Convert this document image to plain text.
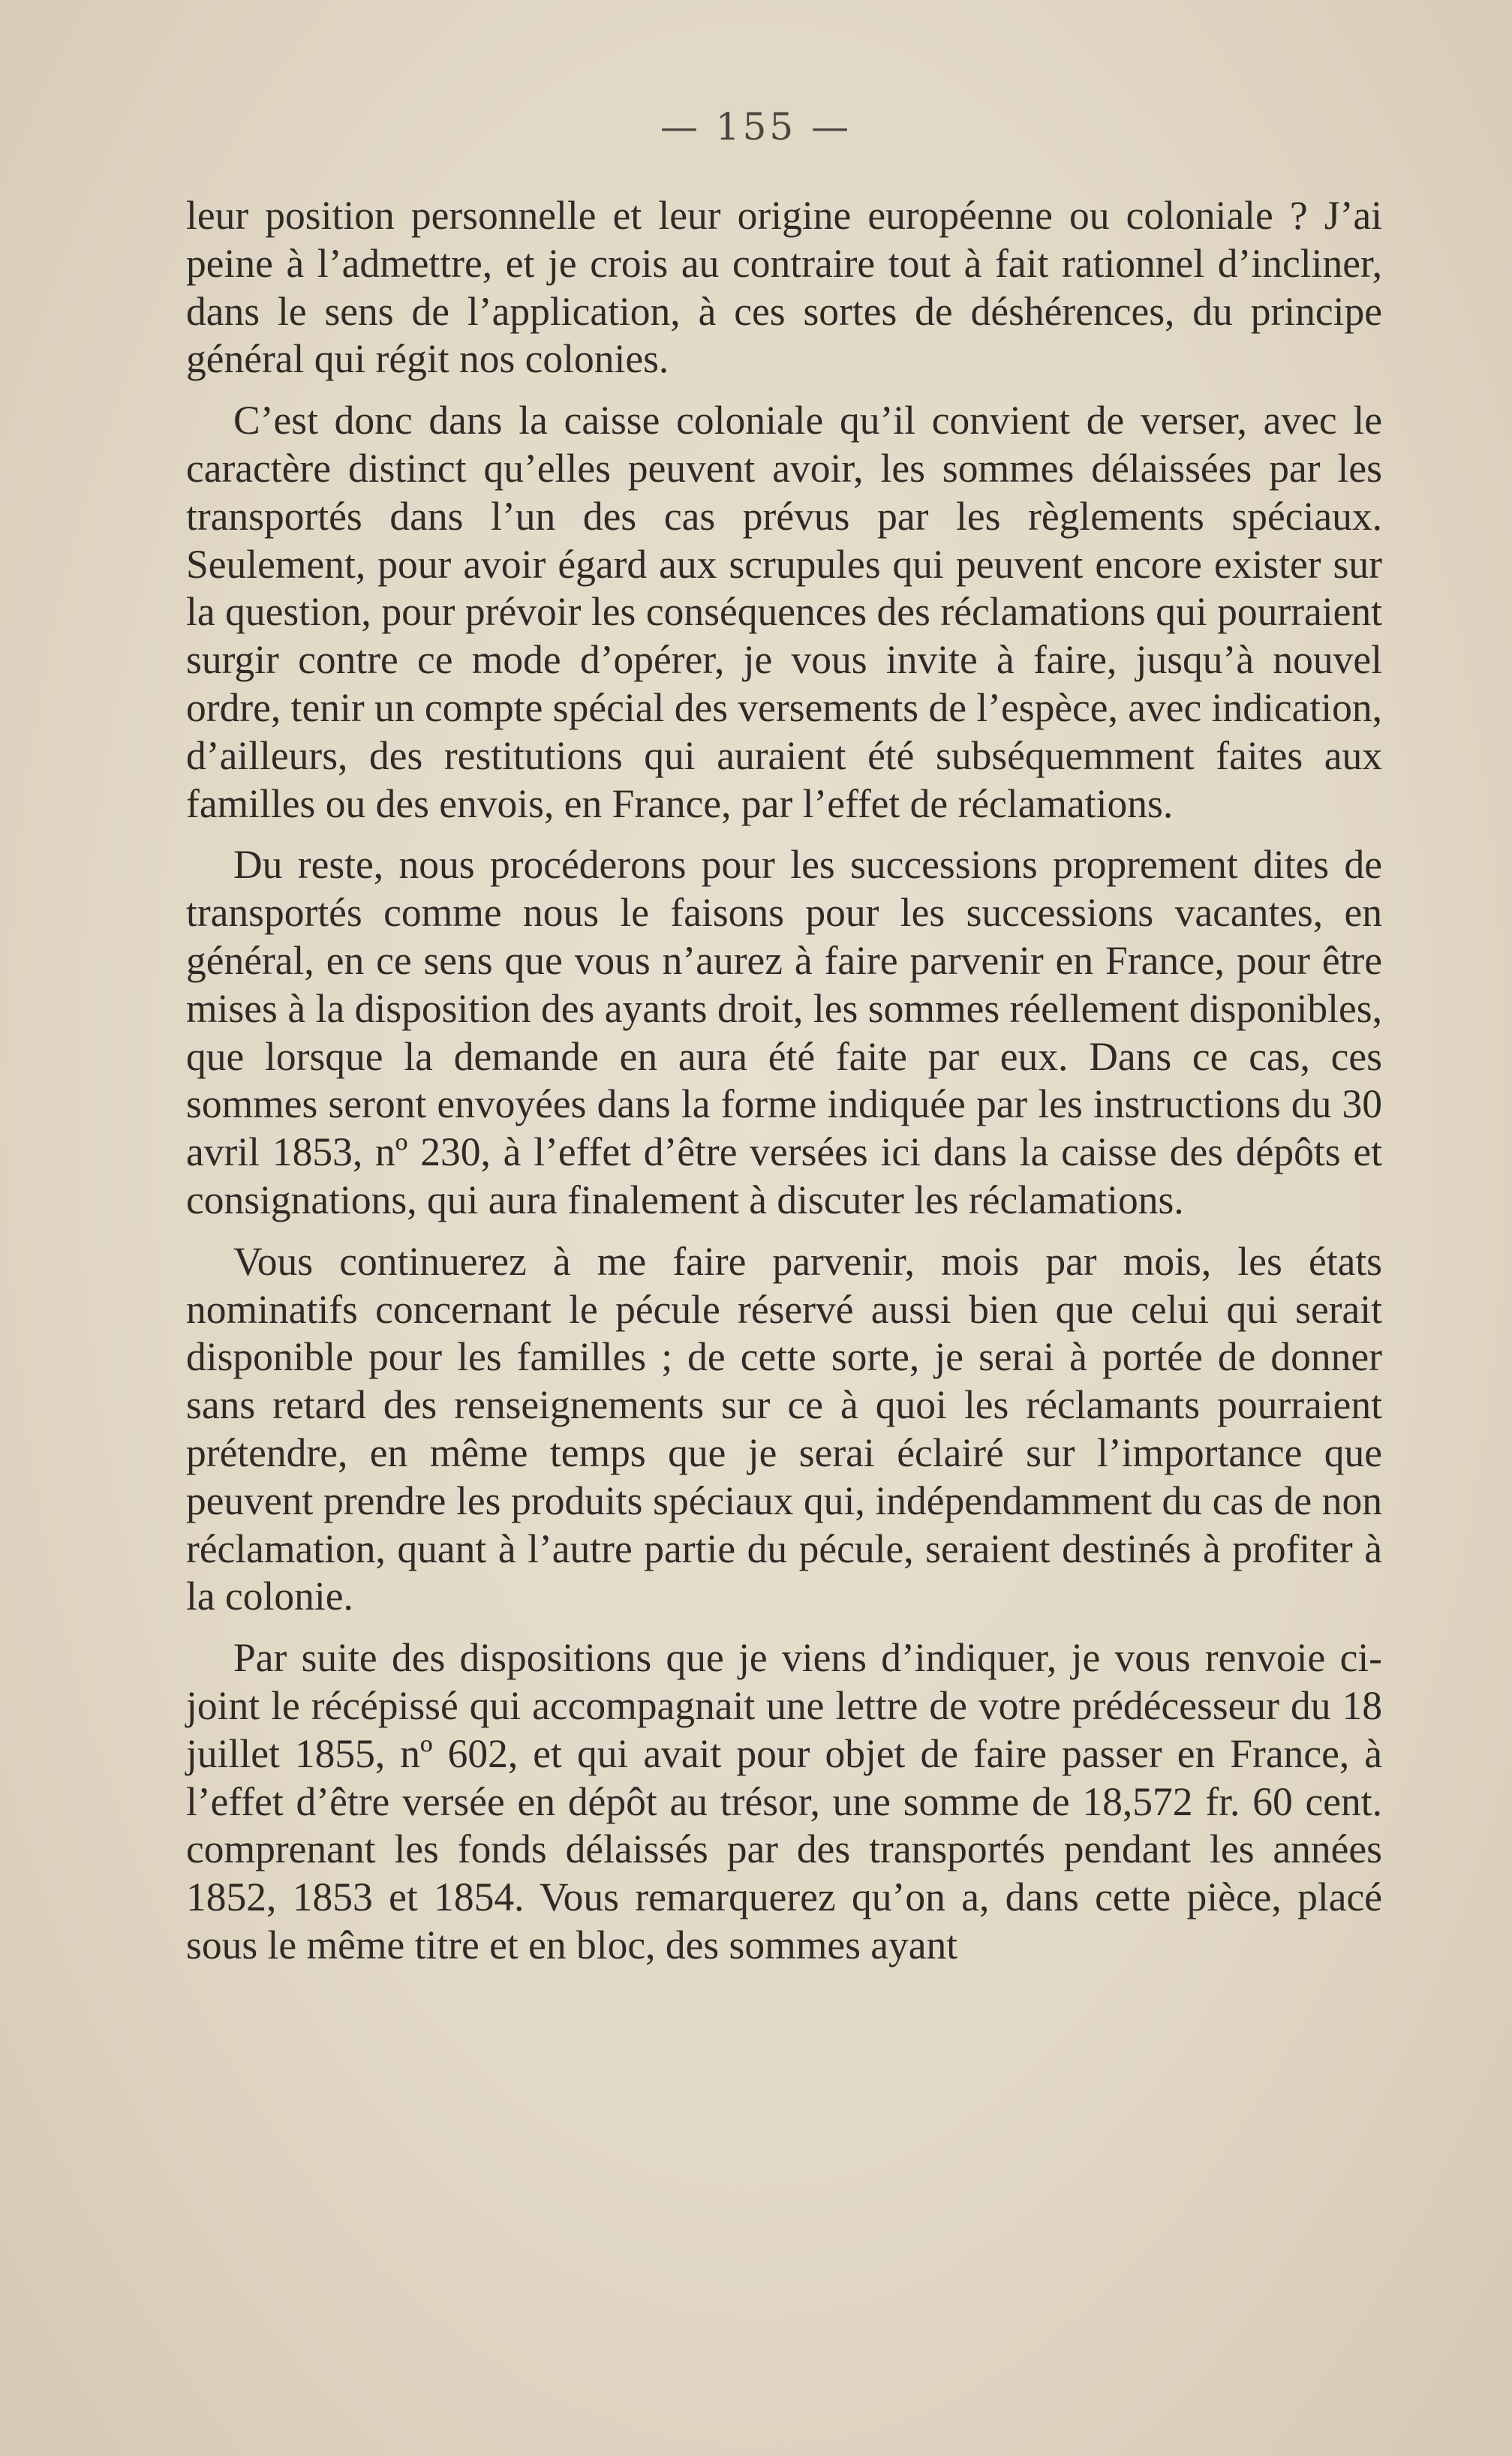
— 155 —

leur position personnelle et leur origine européenne ou coloniale ? J’ai peine à l’admettre, et je crois au contraire tout à fait rationnel d’incliner, dans le sens de l’application, à ces sortes de déshérences, du principe général qui régit nos colonies.

C’est donc dans la caisse coloniale qu’il convient de verser, avec le caractère distinct qu’elles peuvent avoir, les sommes délaissées par les transportés dans l’un des cas prévus par les règlements spéciaux. Seulement, pour avoir égard aux scrupules qui peuvent encore exister sur la question, pour prévoir les conséquences des réclamations qui pourraient surgir contre ce mode d’opérer, je vous invite à faire, jusqu’à nouvel ordre, tenir un compte spécial des versements de l’espèce, avec indication, d’ailleurs, des restitutions qui auraient été subséquemment faites aux familles ou des envois, en France, par l’effet de réclamations.

Du reste, nous procéderons pour les successions proprement dites de transportés comme nous le faisons pour les successions vacantes, en général, en ce sens que vous n’aurez à faire parvenir en France, pour être mises à la disposition des ayants droit, les sommes réellement disponibles, que lorsque la demande en aura été faite par eux. Dans ce cas, ces sommes seront envoyées dans la forme indiquée par les instructions du 30 avril 1853, nº 230, à l’effet d’être versées ici dans la caisse des dépôts et consignations, qui aura finalement à discuter les réclamations.

Vous continuerez à me faire parvenir, mois par mois, les états nominatifs concernant le pécule réservé aussi bien que celui qui serait disponible pour les familles ; de cette sorte, je serai à portée de donner sans retard des renseignements sur ce à quoi les réclamants pourraient prétendre, en même temps que je serai éclairé sur l’importance que peuvent prendre les produits spéciaux qui, indépendamment du cas de non réclamation, quant à l’autre partie du pécule, seraient destinés à profiter à la colonie.

Par suite des dispositions que je viens d’indiquer, je vous renvoie ci-joint le récépissé qui accompagnait une lettre de votre prédécesseur du 18 juillet 1855, nº 602, et qui avait pour objet de faire passer en France, à l’effet d’être versée en dépôt au trésor, une somme de 18,572 fr. 60 cent. comprenant les fonds délaissés par des transportés pendant les années 1852, 1853 et 1854. Vous remarquerez qu’on a, dans cette pièce, placé sous le même titre et en bloc, des sommes ayant
